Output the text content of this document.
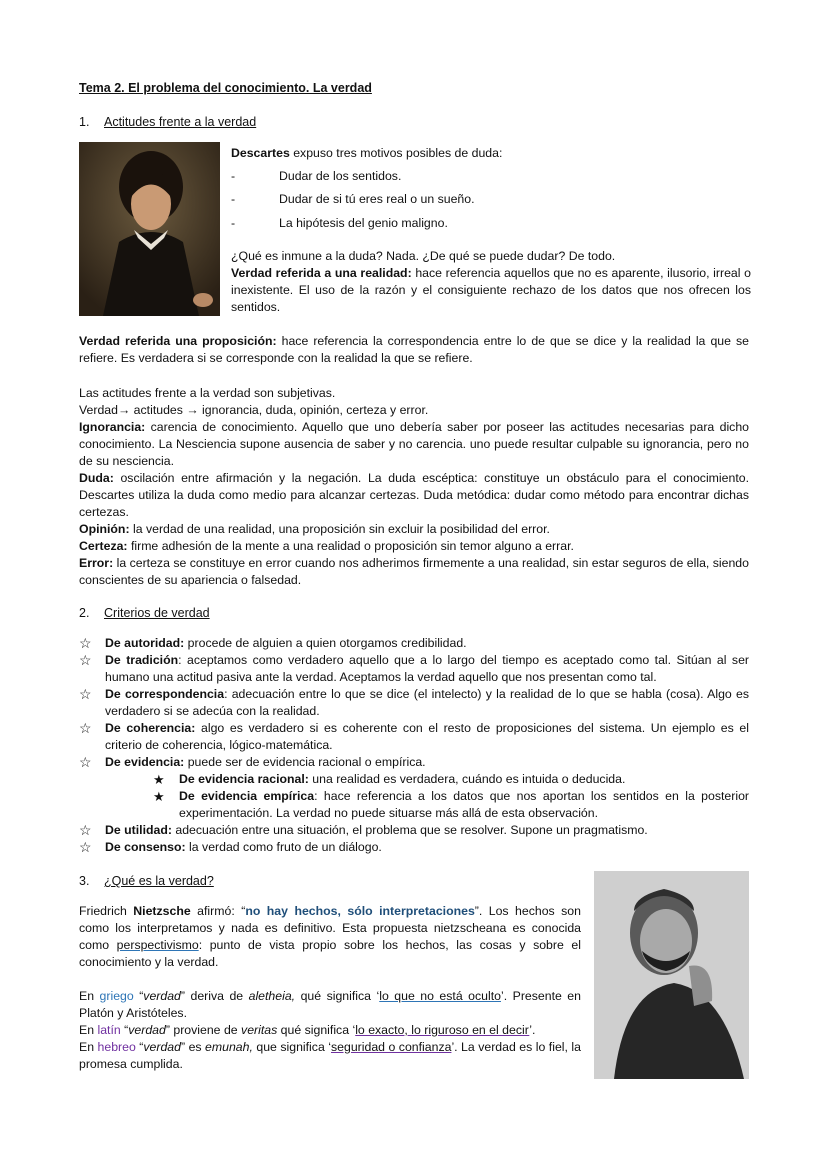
Tema 2. El problema del conocimiento. La verdad
1. Actitudes frente a la verdad

Descartes expuso tres motivos posibles de duda:

-	Dudar de los sentidos.
-	Dudar de si tú eres real o un sueño.
-	La hipótesis del genio maligno.

¿Qué es inmune a la duda? Nada. ¿De qué se puede dudar? De todo.

Verdad referida a una realidad: hace referencia aquellos que no es aparente, ilusorio, irreal o inexistente. El uso de la razón y el consiguiente rechazo de los datos que nos ofrecen los sentidos.

Verdad referida una proposición: hace referencia la correspondencia entre lo de que se dice y la realidad la que se refiere. Es verdadera si se corresponde con la realidad la que se refiere.

Las actitudes frente a la verdad son subjetivas.

Verdad→ actitudes → ignorancia, duda, opinión, certeza y error.

Ignorancia: carencia de conocimiento. Aquello que uno debería saber por poseer las actitudes necesarias para dicho conocimiento. La Nesciencia supone ausencia de saber y no carencia. uno puede resultar culpable su ignorancia, pero no de su nesciencia.

Duda: oscilación entre afirmación y la negación. La duda escéptica: constituye un obstáculo para el conocimiento. Descartes utiliza la duda como medio para alcanzar certezas. Duda metódica: dudar como método para encontrar dichas certezas.

Opinión: la verdad de una realidad, una proposición sin excluir la posibilidad del error.

Certeza: firme adhesión de la mente a una realidad o proposición sin temor alguno a errar.

Error: la certeza se constituye en error cuando nos adherimos firmemente a una realidad, sin estar seguros de ella, siendo conscientes de su apariencia o falsedad.

2. Criterios de verdad
☆	De autoridad: procede de alguien a quien otorgamos credibilidad.
☆	De tradición: aceptamos como verdadero aquello que a lo largo del tiempo es aceptado como tal. Sitúan al ser humano una actitud pasiva ante la verdad. Aceptamos la verdad aquello que nos presentan como tal.
☆	De correspondencia: adecuación entre lo que se dice (el intelecto) y la realidad de lo que se habla (cosa). Algo es verdadero si se adecúa con la realidad.
☆	De coherencia: algo es verdadero si es coherente con el resto de proposiciones del sistema. Un ejemplo es el criterio de coherencia, lógico-matemática.
☆	De evidencia: puede ser de evidencia racional o empírica.
★ De evidencia racional: una realidad es verdadera, cuándo es intuida o deducida.
★ De evidencia empírica: hace referencia a los datos que nos aportan los sentidos en la posterior experimentación. La verdad no puede situarse más allá de esta observación.
☆	De utilidad: adecuación entre una situación, el problema que se resolver. Supone un pragmatismo.
☆	De consenso: la verdad como fruto de un diálogo.
3. ¿Qué es la verdad?

Friedrich Nietzsche afirmó: “no hay hechos, sólo interpretaciones”. Los hechos son como los interpretamos y nada es definitivo. Esta propuesta nietzscheana es conocida como perspectivismo: punto de vista propio sobre los hechos, las cosas y sobre el conocimiento y la verdad.

En griego “verdad” deriva de aletheia, qué significa ‘lo que no está oculto’. Presente en Platón y Aristóteles.

En latín “verdad” proviene de veritas qué significa ‘lo exacto, lo riguroso en el decir’.

En hebreo “verdad” es emunah, que significa ‘seguridad o confianza’. La verdad es lo fiel, la promesa cumplida.
